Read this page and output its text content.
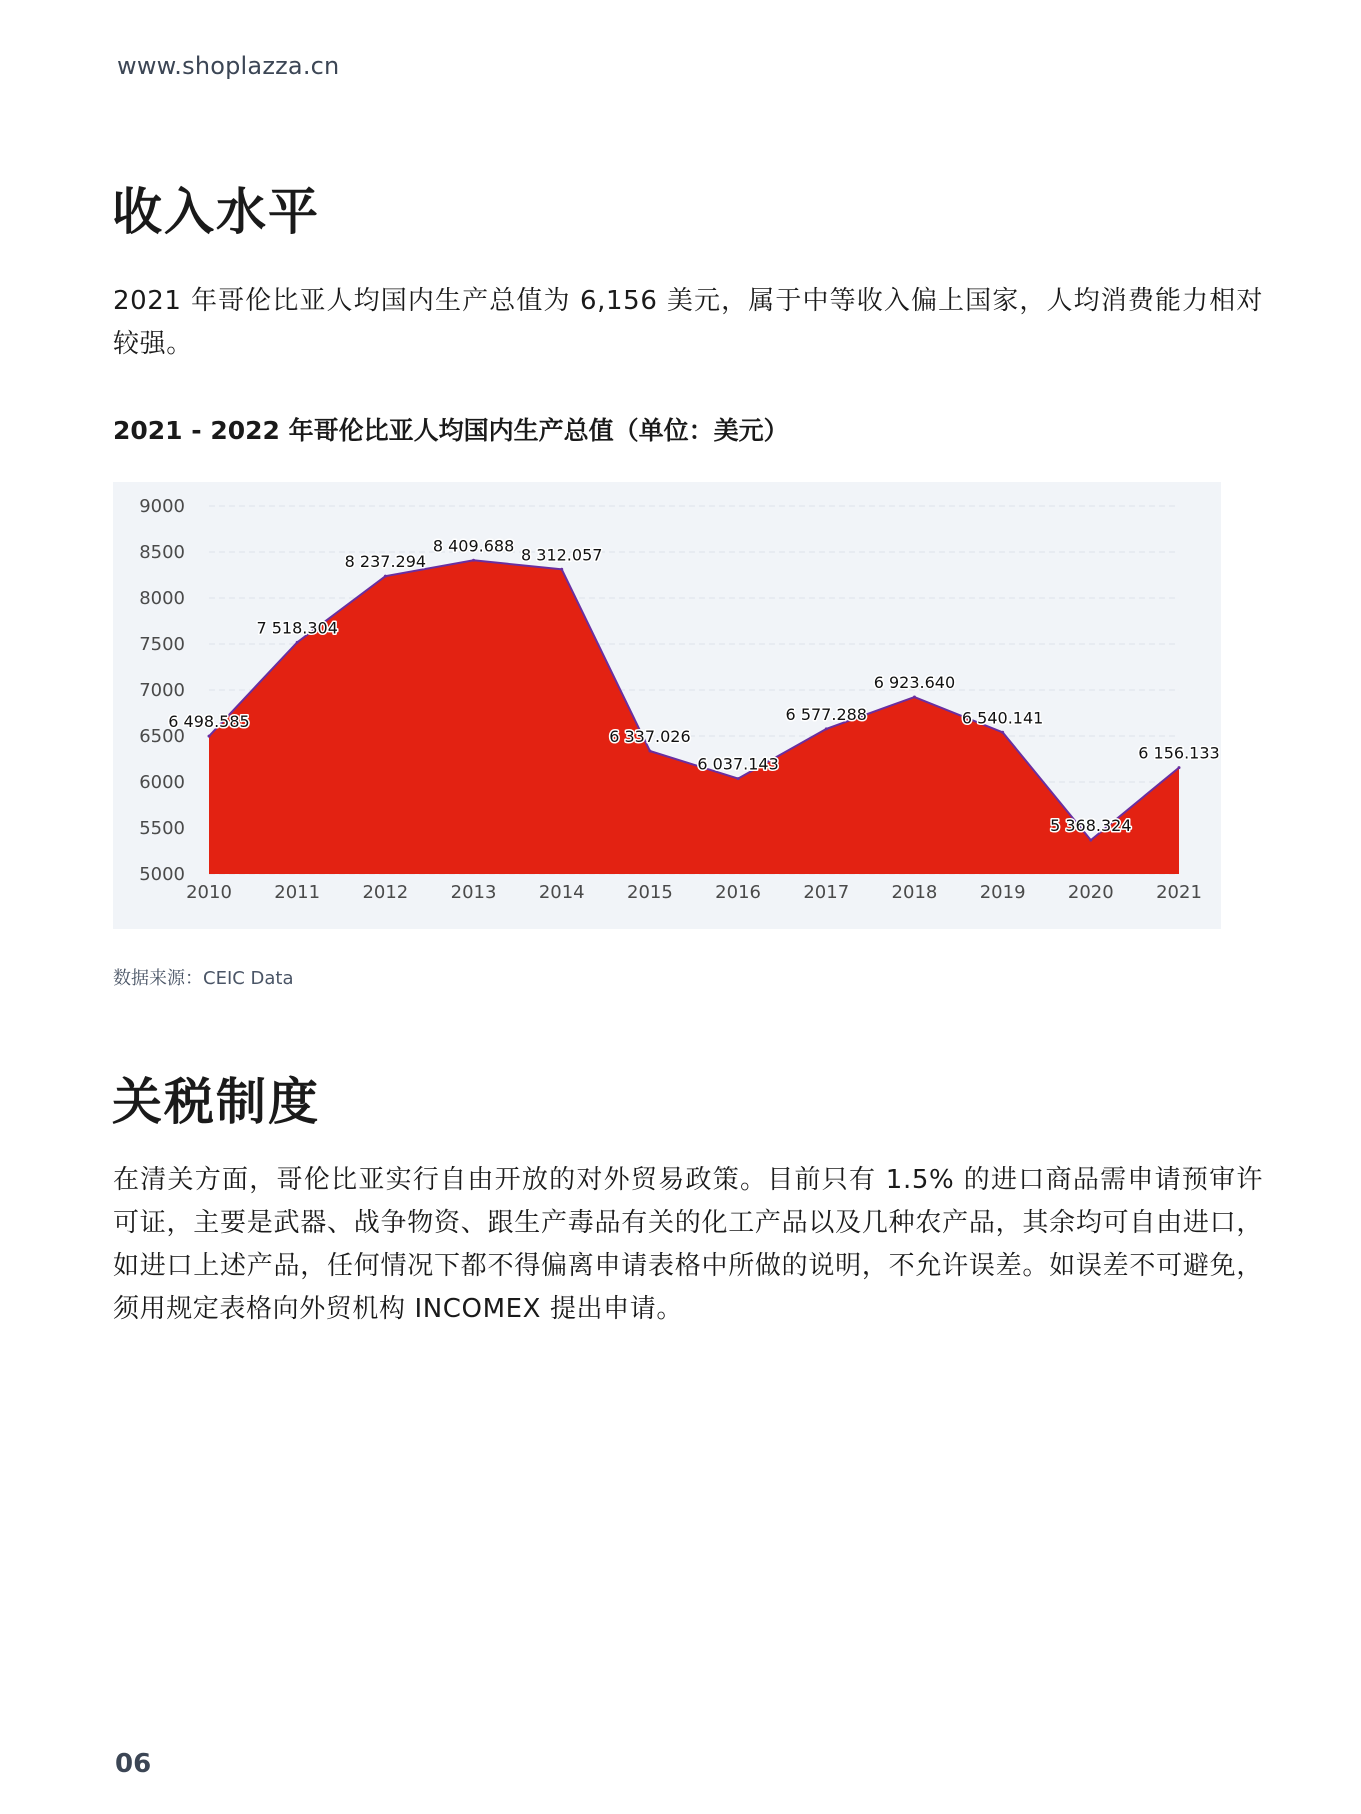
www.shoplazza.cn
收入水平

2021 年哥伦比亚人均国内生产总值为 6,156 美元，属于中等收入偏上国家，人均消费能力相对较强。

2021 - 2022 年哥伦比亚人均国内生产总值（单位：美元）
5000
5500
6000
6500
7000
7500
8000
8500
9000
2010 2011 2012 2013 2014 2015 2016 2017 2018 2019 2020 2021
6 498.585
7 518.304
8 237.294
8 409.688 8 312.057
6 337.026
6 037.143
6 577.288
6 923.640
6 540.141
5 368.324
6 156.133
数据来源：CEIC Data
关税制度

在清关方面，哥伦比亚实行自由开放的对外贸易政策。目前只有 1.5% 的进口商品需申请预审许可证，主要是武器、战争物资、跟生产毒品有关的化工产品以及几种农产品，其余均可自由进口，如进口上述产品，任何情况下都不得偏离申请表格中所做的说明，不允许误差。如误差不可避免，须用规定表格向外贸机构 INCOMEX 提出申请。

06
